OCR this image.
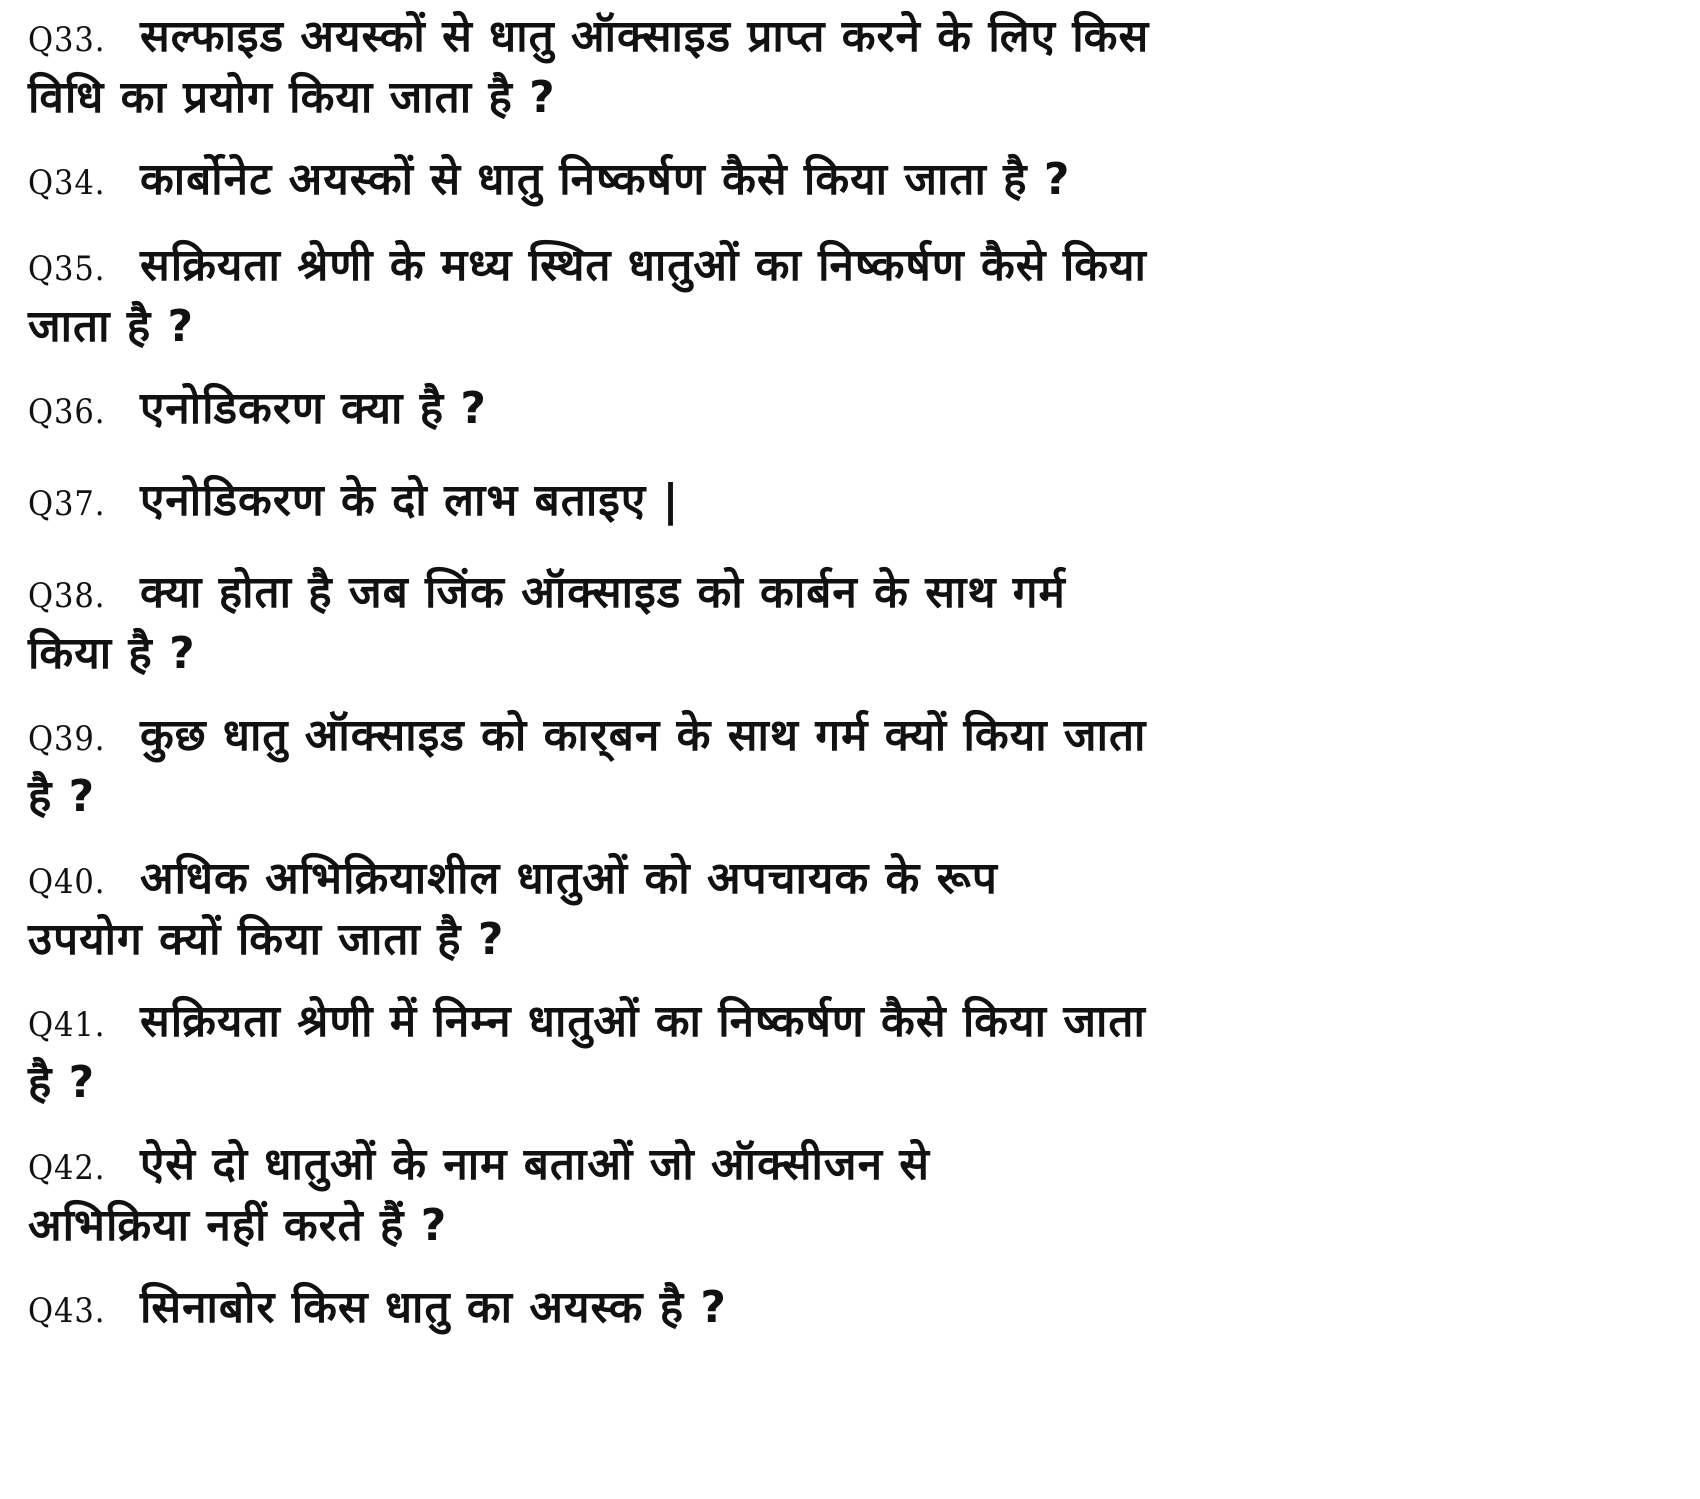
Q33. सल्फाइड अयस्कों से धातु ऑक्साइड प्राप्त करने के लिए किस विधि का प्रयोग किया जाता है ?

Q34. कार्बोनेट अयस्कों से धातु निष्कर्षण कैसे किया जाता है ?

Q35. सक्रियता श्रेणी के मध्य स्थित धातुओं का निष्कर्षण कैसे किया जाता है ?

Q36. एनोडिकरण क्या है ?

Q37. एनोडिकरण के दो लाभ बताइए |

Q38. क्या होता है जब जिंक ऑक्साइड को कार्बन के साथ गर्म किया है ?

Q39. कुछ धातु ऑक्साइड को कार्‌बन के साथ गर्म क्यों किया जाता है ?

Q40. अधिक अभिक्रियाशील धातुओं को अपचायक के रूप उपयोग क्यों किया जाता है ?

Q41. सक्रियता श्रेणी में निम्न धातुओं का निष्कर्षण कैसे किया जाता है ?

Q42. ऐसे दो धातुओं के नाम बताओं जो ऑक्सीजन से अभिक्रिया नहीं करते हैं ?

Q43. सिनाबोर किस धातु का अयस्क है ?
